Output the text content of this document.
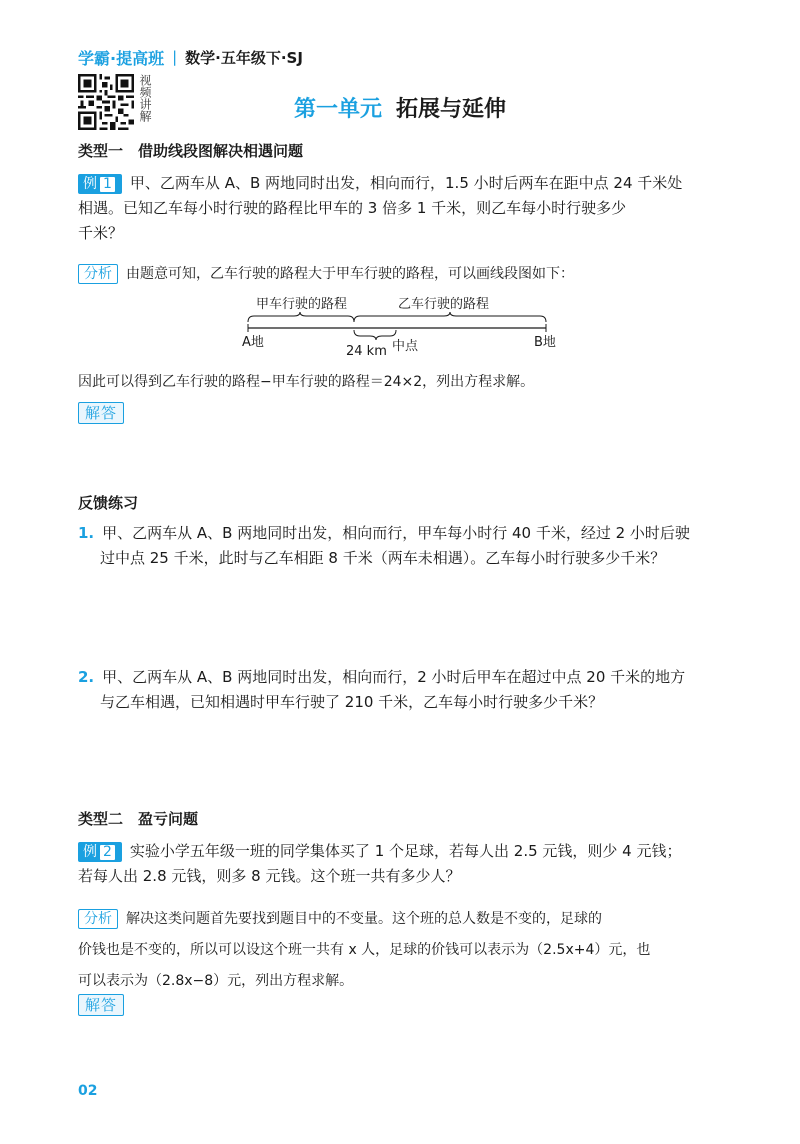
学霸·提高班 | 数学·五年级下·SJ
视频讲解	第一单元 拓展与延伸
类型一　借助线段图解决相遇问题
例 1 甲、乙两车从 A、B 两地同时出发，相向而行，1.5 小时后两车在距中点 24 千米处
相遇。已知乙车每小时行驶的路程比甲车的 3 倍多 1 千米，则乙车每小时行驶多少
千米？
分析 由题意可知，乙车行驶的路程大于甲车行驶的路程，可以画线段图如下：
甲车行驶的路程	乙车行驶的路程
A地
24 km 中点	B地
因此可以得到乙车行驶的路程−甲车行驶的路程＝24×2，列出方程求解。
解答
反馈练习
1. 甲、乙两车从 A、B 两地同时出发，相向而行，甲车每小时行 40 千米，经过 2 小时后驶
过中点 25 千米，此时与乙车相距 8 千米（两车未相遇）。乙车每小时行驶多少千米？
2. 甲、乙两车从 A、B 两地同时出发，相向而行，2 小时后甲车在超过中点 20 千米的地方
与乙车相遇，已知相遇时甲车行驶了 210 千米，乙车每小时行驶多少千米？
类型二　盈亏问题
例 2 实验小学五年级一班的同学集体买了 1 个足球，若每人出 2.5 元钱，则少 4 元钱；
若每人出 2.8 元钱，则多 8 元钱。这个班一共有多少人？
分析 解决这类问题首先要找到题目中的不变量。这个班的总人数是不变的，足球的
价钱也是不变的，所以可以设这个班一共有 x 人，足球的价钱可以表示为（2.5x+4）元，也
可以表示为（2.8x−8）元，列出方程求解。
解答
02
